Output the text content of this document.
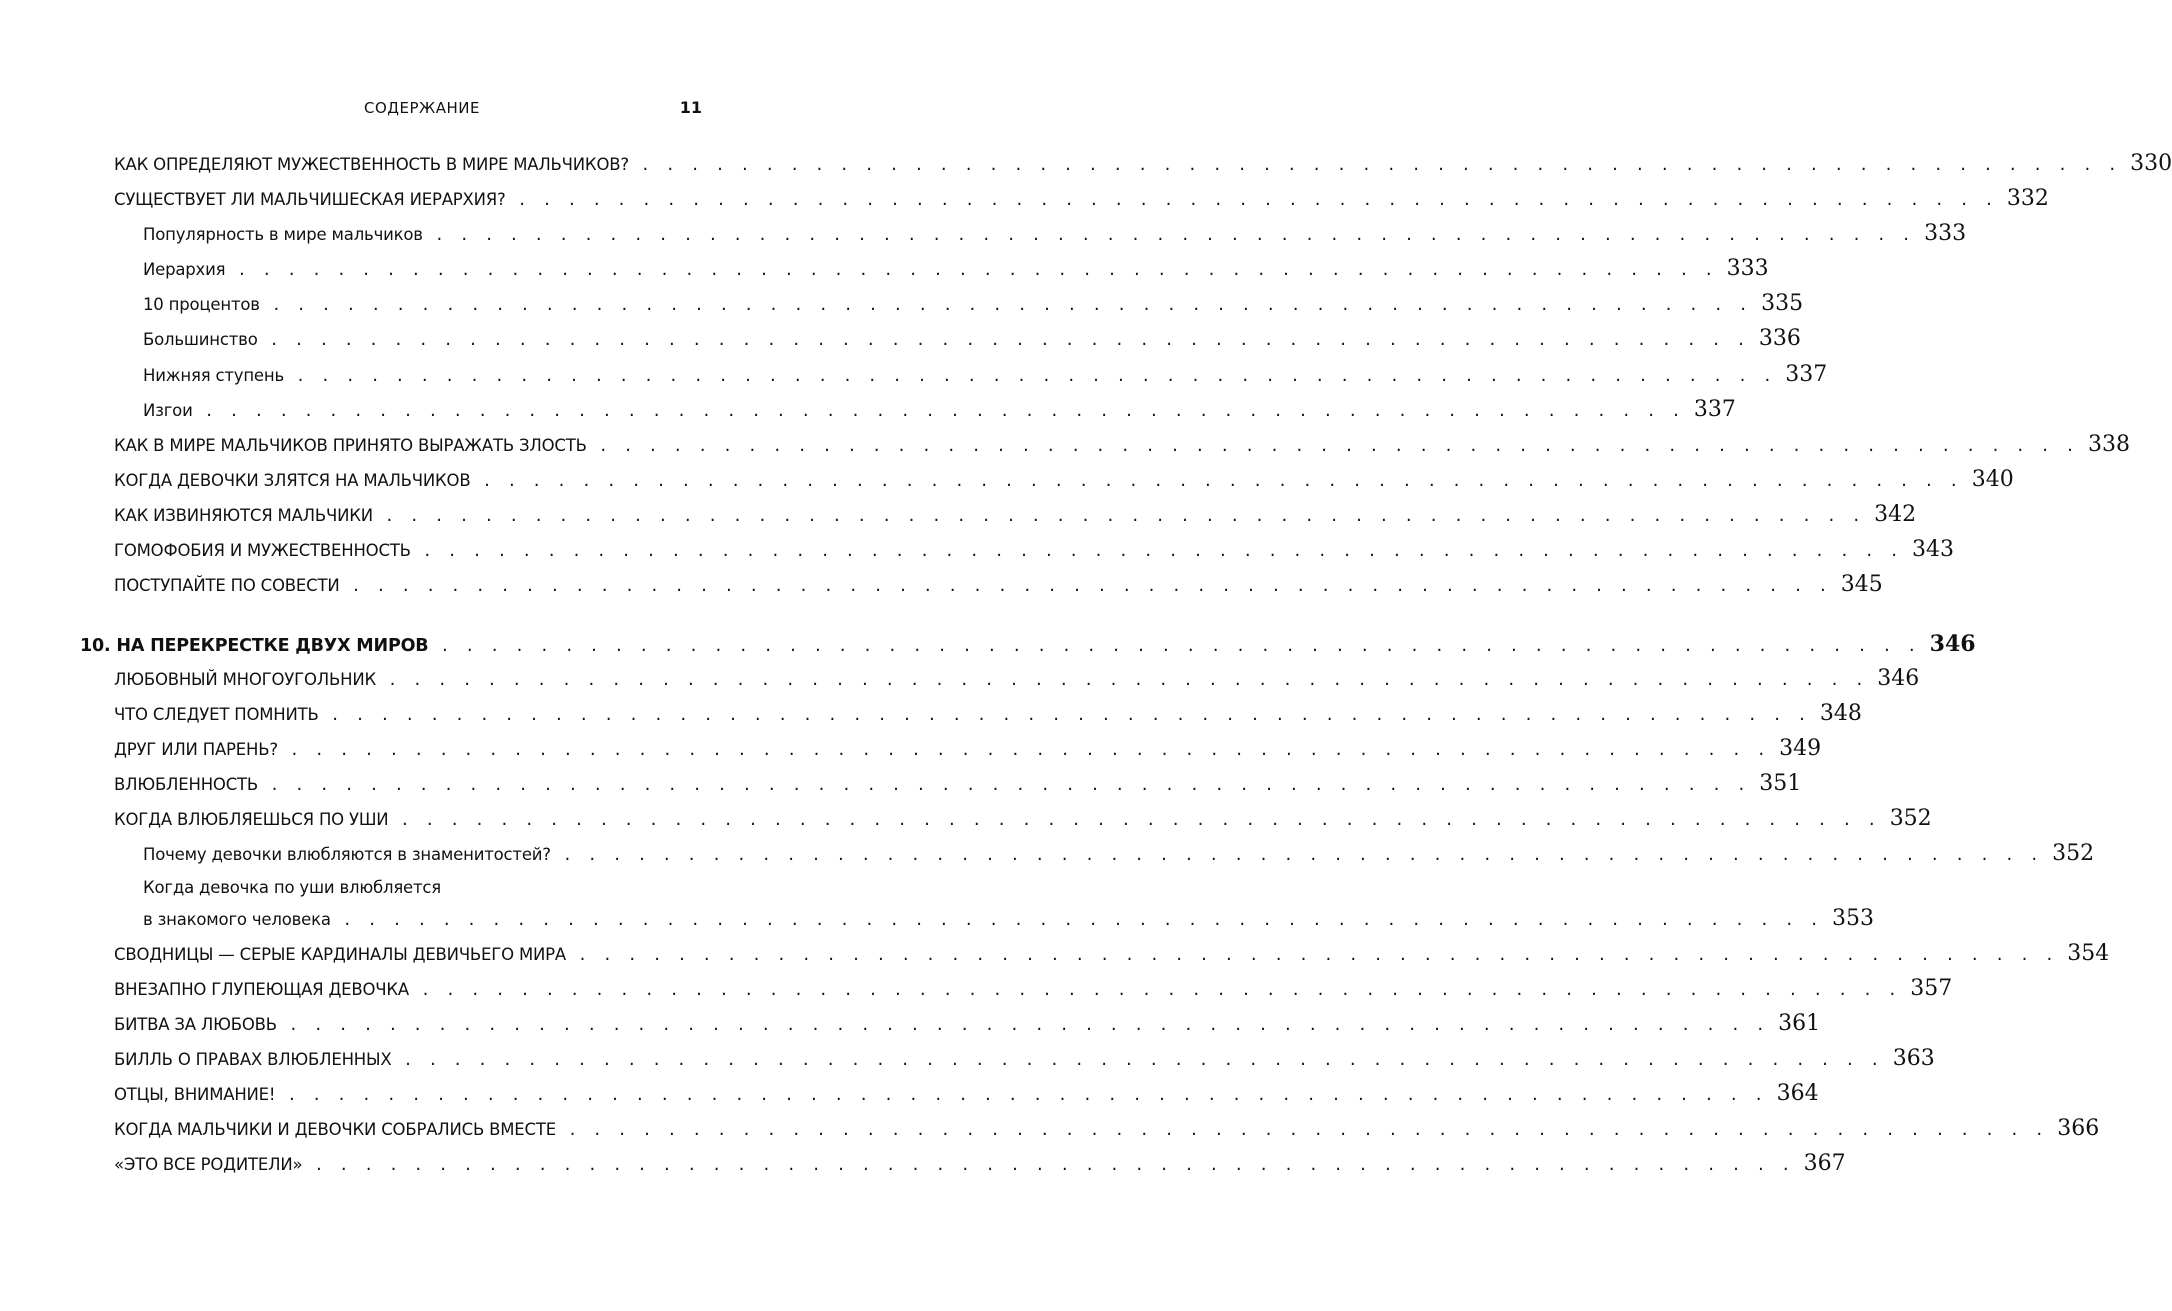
СОДЕРЖАНИЕ	11
КАК ОПРЕДЕЛЯЮТ МУЖЕСТВЕННОСТЬ В МИРЕ МАЛЬЧИКОВ? . . . . . . . . . . . . . . . . . . . . . . . . . . . . . . . . . . . . . . . . . . . . . . . . . . . . . . . . . . . . 330
СУЩЕСТВУЕТ ЛИ МАЛЬЧИШЕСКАЯ ИЕРАРХИЯ? . . . . . . . . . . . . . . . . . . . . . . . . . . . . . . . . . . . . . . . . . . . . . . . . . . . . . . . . . . . . 332
Популярность в мире мальчиков . . . . . . . . . . . . . . . . . . . . . . . . . . . . . . . . . . . . . . . . . . . . . . . . . . . . . . . . . . . . 333
Иерархия . . . . . . . . . . . . . . . . . . . . . . . . . . . . . . . . . . . . . . . . . . . . . . . . . . . . . . . . . . . . 333
10 процентов . . . . . . . . . . . . . . . . . . . . . . . . . . . . . . . . . . . . . . . . . . . . . . . . . . . . . . . . . . . . 335
Большинство . . . . . . . . . . . . . . . . . . . . . . . . . . . . . . . . . . . . . . . . . . . . . . . . . . . . . . . . . . . . 336
Нижняя ступень . . . . . . . . . . . . . . . . . . . . . . . . . . . . . . . . . . . . . . . . . . . . . . . . . . . . . . . . . . . . 337
Изгои . . . . . . . . . . . . . . . . . . . . . . . . . . . . . . . . . . . . . . . . . . . . . . . . . . . . . . . . . . . . 337
КАК В МИРЕ МАЛЬЧИКОВ ПРИНЯТО ВЫРАЖАТЬ ЗЛОСТЬ . . . . . . . . . . . . . . . . . . . . . . . . . . . . . . . . . . . . . . . . . . . . . . . . . . . . . . . . . . . . 338
КОГДА ДЕВОЧКИ ЗЛЯТСЯ НА МАЛЬЧИКОВ . . . . . . . . . . . . . . . . . . . . . . . . . . . . . . . . . . . . . . . . . . . . . . . . . . . . . . . . . . . . 340
КАК ИЗВИНЯЮТСЯ МАЛЬЧИКИ . . . . . . . . . . . . . . . . . . . . . . . . . . . . . . . . . . . . . . . . . . . . . . . . . . . . . . . . . . . . 342
ГОМОФОБИЯ И МУЖЕСТВЕННОСТЬ . . . . . . . . . . . . . . . . . . . . . . . . . . . . . . . . . . . . . . . . . . . . . . . . . . . . . . . . . . . . 343
ПОСТУПАЙТЕ ПО СОВЕСТИ . . . . . . . . . . . . . . . . . . . . . . . . . . . . . . . . . . . . . . . . . . . . . . . . . . . . . . . . . . . . 345
10. НА ПЕРЕКРЕСТКЕ ДВУХ МИРОВ . . . . . . . . . . . . . . . . . . . . . . . . . . . . . . . . . . . . . . . . . . . . . . . . . . . . . . . . . . . . 346
ЛЮБОВНЫЙ МНОГОУГОЛЬНИК . . . . . . . . . . . . . . . . . . . . . . . . . . . . . . . . . . . . . . . . . . . . . . . . . . . . . . . . . . . . 346
ЧТО СЛЕДУЕТ ПОМНИТЬ . . . . . . . . . . . . . . . . . . . . . . . . . . . . . . . . . . . . . . . . . . . . . . . . . . . . . . . . . . . . 348
ДРУГ ИЛИ ПАРЕНЬ? . . . . . . . . . . . . . . . . . . . . . . . . . . . . . . . . . . . . . . . . . . . . . . . . . . . . . . . . . . . . 349
ВЛЮБЛЕННОСТЬ . . . . . . . . . . . . . . . . . . . . . . . . . . . . . . . . . . . . . . . . . . . . . . . . . . . . . . . . . . . . 351
КОГДА ВЛЮБЛЯЕШЬСЯ ПО УШИ . . . . . . . . . . . . . . . . . . . . . . . . . . . . . . . . . . . . . . . . . . . . . . . . . . . . . . . . . . . . 352
Почему девочки влюбляются в знаменитостей? . . . . . . . . . . . . . . . . . . . . . . . . . . . . . . . . . . . . . . . . . . . . . . . . . . . . . . . . . . . . 352
Когда девочка по уши влюбляется
в знакомого человека . . . . . . . . . . . . . . . . . . . . . . . . . . . . . . . . . . . . . . . . . . . . . . . . . . . . . . . . . . . . 353
СВОДНИЦЫ — СЕРЫЕ КАРДИНАЛЫ ДЕВИЧЬЕГО МИРА . . . . . . . . . . . . . . . . . . . . . . . . . . . . . . . . . . . . . . . . . . . . . . . . . . . . . . . . . . . . 354
ВНЕЗАПНО ГЛУПЕЮЩАЯ ДЕВОЧКА . . . . . . . . . . . . . . . . . . . . . . . . . . . . . . . . . . . . . . . . . . . . . . . . . . . . . . . . . . . . 357
БИТВА ЗА ЛЮБОВЬ . . . . . . . . . . . . . . . . . . . . . . . . . . . . . . . . . . . . . . . . . . . . . . . . . . . . . . . . . . . . 361
БИЛЛЬ О ПРАВАХ ВЛЮБЛЕННЫХ . . . . . . . . . . . . . . . . . . . . . . . . . . . . . . . . . . . . . . . . . . . . . . . . . . . . . . . . . . . . 363
ОТЦЫ, ВНИМАНИЕ! . . . . . . . . . . . . . . . . . . . . . . . . . . . . . . . . . . . . . . . . . . . . . . . . . . . . . . . . . . . . 364
КОГДА МАЛЬЧИКИ И ДЕВОЧКИ СОБРАЛИСЬ ВМЕСТЕ . . . . . . . . . . . . . . . . . . . . . . . . . . . . . . . . . . . . . . . . . . . . . . . . . . . . . . . . . . . . 366
«ЭТО ВСЕ РОДИТЕЛИ» . . . . . . . . . . . . . . . . . . . . . . . . . . . . . . . . . . . . . . . . . . . . . . . . . . . . . . . . . . . . 367
